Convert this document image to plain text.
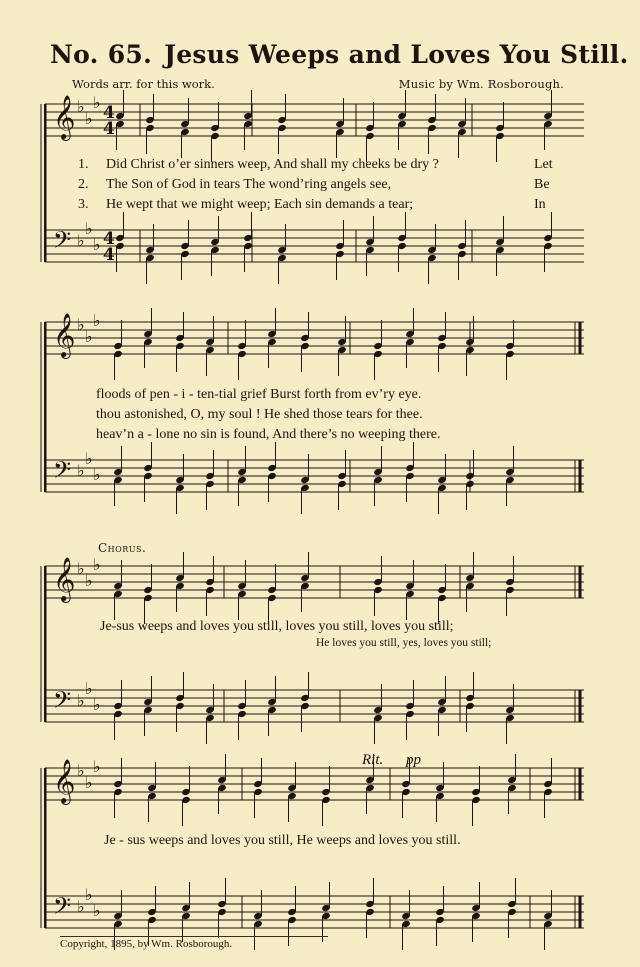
No. 65. Jesus Weeps and Loves You Still.
Words arr. for this work.	Music by Wm. Rosborough.
𝄞
𝄢
♭
♭
♭
♭
♭
♭
4
4
4
4
𝄞
𝄢
♭
♭
♭
♭
♭
♭
𝄞
𝄢
♭
♭
♭
♭
♭
♭
𝄞
𝄢
♭
♭
♭
♭
♭
♭
1. Did Christ o’er sinners weep, And shall my cheeks be dry ?	Let
2. The Son of God in tears The wond’ring angels see,	Be
3. He wept that we might weep; Each sin demands a tear;	In
floods of pen - i - ten-tial grief Burst forth from ev’ry eye.
thou astonished, O, my soul ! He shed those tears for thee.
heav’n a - lone no sin is found, And there’s no weeping there.
Chorus.
Je-sus weeps and loves you still, loves you still, loves you still;
He loves you still, yes, loves you still;
Rit. pp
Je - sus weeps and loves you still, He weeps and loves you still.
Copyright, 1895, by Wm. Rosborough.
